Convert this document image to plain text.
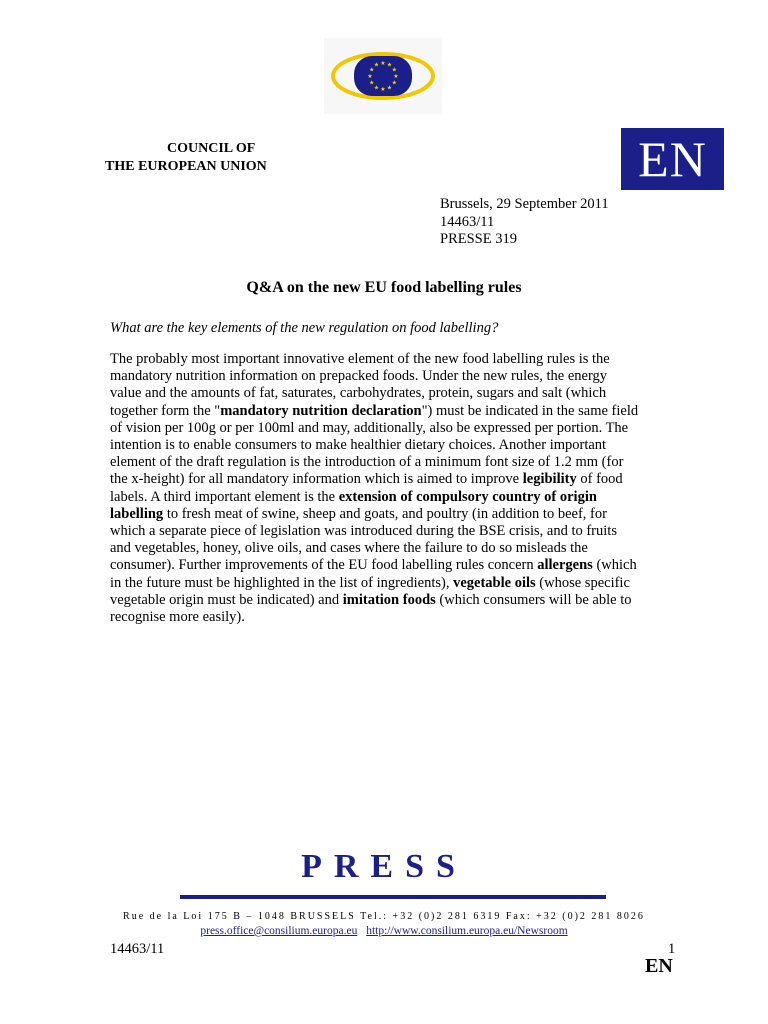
★ ★
★
★
★
★
★
★
★
★
★
★
COUNCIL OF
THE EUROPEAN UNION	EN
Brussels, 29 September 2011
14463/11
PRESSE 319
Q&A on the new EU food labelling rules
What are the key elements of the new regulation on food labelling?
The probably most important innovative element of the new food labelling rules is the
mandatory nutrition information on prepacked foods. Under the new rules, the energy
value and the amounts of fat, saturates, carbohydrates, protein, sugars and salt (which
together form the "mandatory nutrition declaration") must be indicated in the same field
of vision per 100g or per 100ml and may, additionally, also be expressed per portion. The
intention is to enable consumers to make healthier dietary choices. Another important
element of the draft regulation is the introduction of a minimum font size of 1.2 mm (for
the x-height) for all mandatory information which is aimed to improve legibility of food
labels. A third important element is the extension of compulsory country of origin
labelling to fresh meat of swine, sheep and goats, and poultry (in addition to beef, for
which a separate piece of legislation was introduced during the BSE crisis, and to fruits
and vegetables, honey, olive oils, and cases where the failure to do so misleads the
consumer). Further improvements of the EU food labelling rules concern allergens (which
in the future must be highlighted in the list of ingredients), vegetable oils (whose specific
vegetable origin must be indicated) and imitation foods (which consumers will be able to
recognise more easily).
PRESS
Rue de la Loi 175 B – 1048 BRUSSELS Tel.: +32 (0)2 281 6319 Fax: +32 (0)2 281 8026
press.office@consilium.europa.eu http://www.consilium.europa.eu/Newsroom
14463/11	1
EN
